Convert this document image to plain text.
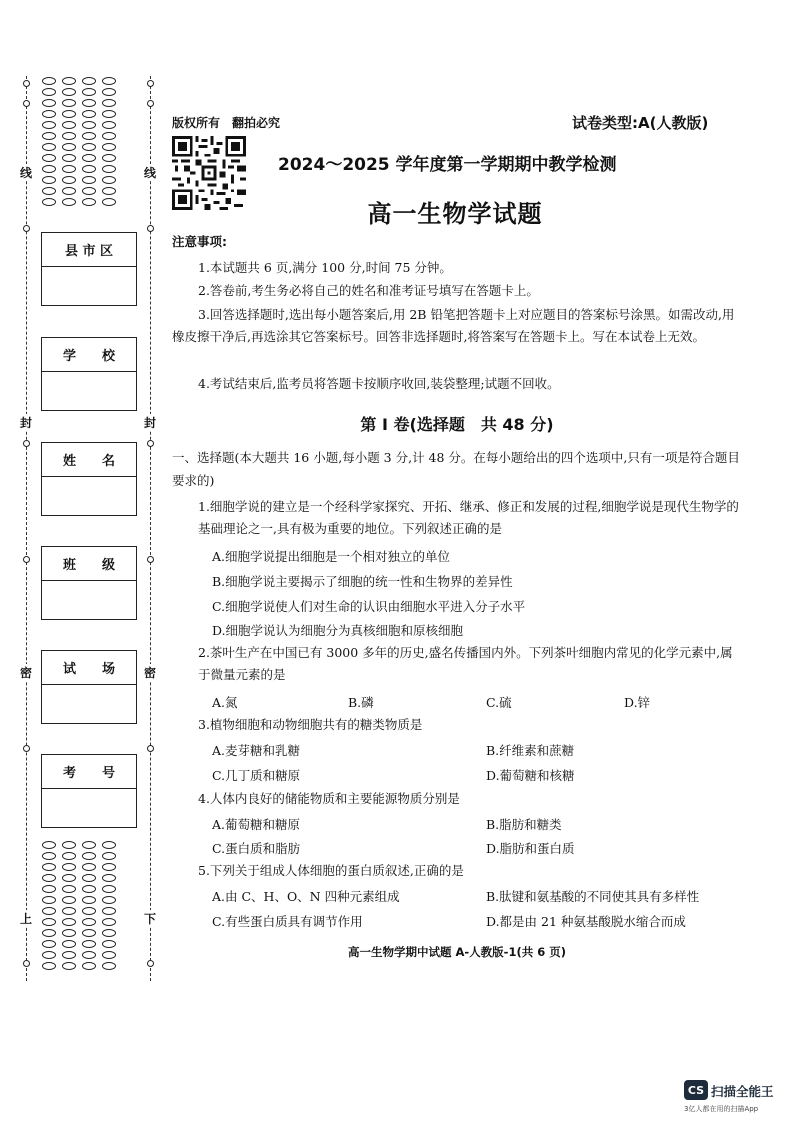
线	线
封	封
密	密
上	下
县 市 区
学　　校
姓　　名
班　　级
试　　场
考　　号
版权所有　翻拍必究	试卷类型:A(人教版)
2024～2025 学年度第一学期期中教学检测
高一生物学试题
注意事项:
1.本试题共 6 页,满分 100 分,时间 75 分钟。
2.答卷前,考生务必将自己的姓名和准考证号填写在答题卡上。
3.回答选择题时,选出每小题答案后,用 2B 铅笔把答题卡上对应题目的答案标号涂黑。如需改动,用橡皮擦干净后,再选涂其它答案标号。回答非选择题时,将答案写在答题卡上。写在本试卷上无效。
4.考试结束后,监考员将答题卡按顺序收回,装袋整理;试题不回收。
第 Ⅰ 卷(选择题　共 48 分)
一、选择题(本大题共 16 小题,每小题 3 分,计 48 分。在每小题给出的四个选项中,只有一项是符合题目要求的)
1.细胞学说的建立是一个经科学家探究、开拓、继承、修正和发展的过程,细胞学说是现代生物学的基础理论之一,具有极为重要的地位。下列叙述正确的是
A.细胞学说提出细胞是一个相对独立的单位
B.细胞学说主要揭示了细胞的统一性和生物界的差异性
C.细胞学说使人们对生命的认识由细胞水平进入分子水平
D.细胞学说认为细胞分为真核细胞和原核细胞
2.茶叶生产在中国已有 3000 多年的历史,盛名传播国内外。下列茶叶细胞内常见的化学元素中,属于微量元素的是
A.氮	B.磷	C.硫	D.锌
3.植物细胞和动物细胞共有的糖类物质是
A.麦芽糖和乳糖	B.纤维素和蔗糖
C.几丁质和糖原	D.葡萄糖和核糖
4.人体内良好的储能物质和主要能源物质分别是
A.葡萄糖和糖原	B.脂肪和糖类
C.蛋白质和脂肪	D.脂肪和蛋白质
5.下列关于组成人体细胞的蛋白质叙述,正确的是
A.由 C、H、O、N 四种元素组成	B.肽键和氨基酸的不同使其具有多样性
C.有些蛋白质具有调节作用	D.都是由 21 种氨基酸脱水缩合而成
高一生物学期中试题 A-人教版-1(共 6 页)
CS 扫描全能王
3亿人都在用的扫描App
